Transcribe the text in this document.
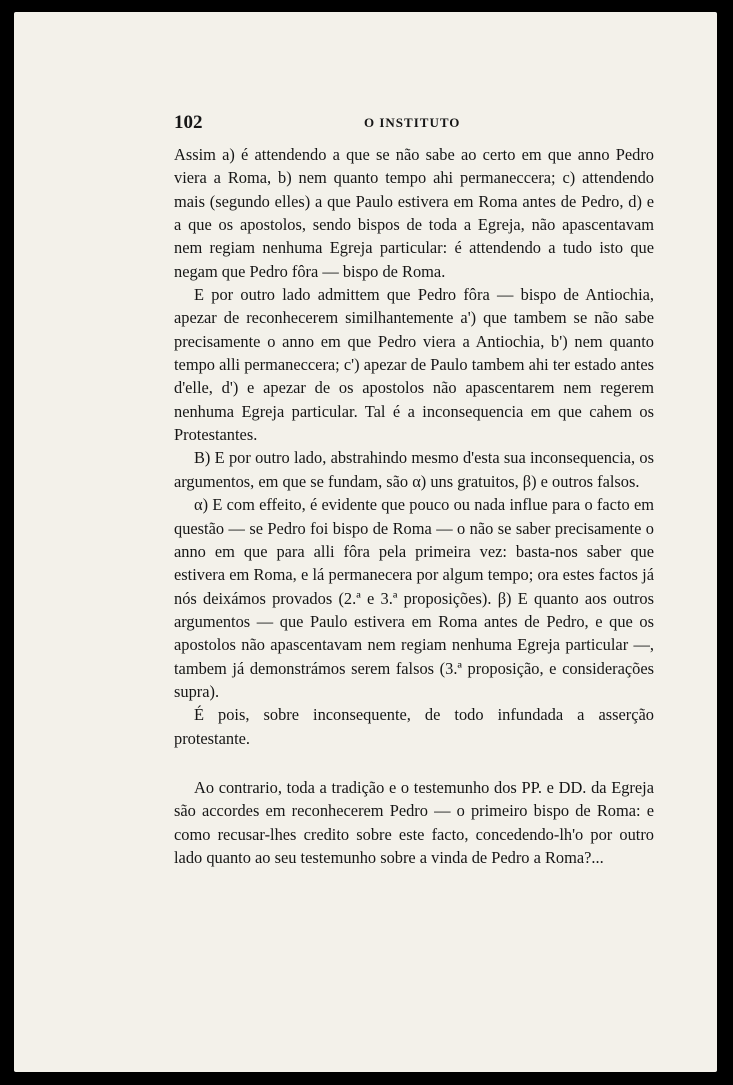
102	O INSTITUTO

Assim a) é attendendo a que se não sabe ao certo em que anno Pedro viera a Roma, b) nem quanto tempo ahi permaneccera; c) attendendo mais (segundo elles) a que Paulo estivera em Roma antes de Pedro, d) e a que os apostolos, sendo bispos de toda a Egreja, não apascentavam nem regiam nenhuma Egreja particular: é attendendo a tudo isto que negam que Pedro fôra — bispo de Roma.

E por outro lado admittem que Pedro fôra — bispo de Antiochia, apezar de reconhecerem similhantemente a') que tambem se não sabe precisamente o anno em que Pedro viera a Antiochia, b') nem quanto tempo alli permaneccera; c') apezar de Paulo tambem ahi ter estado antes d'elle, d') e apezar de os apostolos não apascentarem nem regerem nenhuma Egreja particular. Tal é a inconsequencia em que cahem os Protestantes.

B) E por outro lado, abstrahindo mesmo d'esta sua inconsequencia, os argumentos, em que se fundam, são α) uns gratuitos, β) e outros falsos.

α) E com effeito, é evidente que pouco ou nada influe para o facto em questão — se Pedro foi bispo de Roma — o não se saber precisamente o anno em que para alli fôra pela primeira vez: basta-nos saber que estivera em Roma, e lá permanecera por algum tempo; ora estes factos já nós deixámos provados (2.ª e 3.ª proposições). β) E quanto aos outros argumentos — que Paulo estivera em Roma antes de Pedro, e que os apostolos não apascentavam nem regiam nenhuma Egreja particular —, tambem já demonstrámos serem falsos (3.ª proposição, e considerações supra).

É pois, sobre inconsequente, de todo infundada a asserção protestante.

Ao contrario, toda a tradição e o testemunho dos PP. e DD. da Egreja são accordes em reconhecerem Pedro — o primeiro bispo de Roma: e como recusar-lhes credito sobre este facto, concedendo-lh'o por outro lado quanto ao seu testemunho sobre a vinda de Pedro a Roma?...
